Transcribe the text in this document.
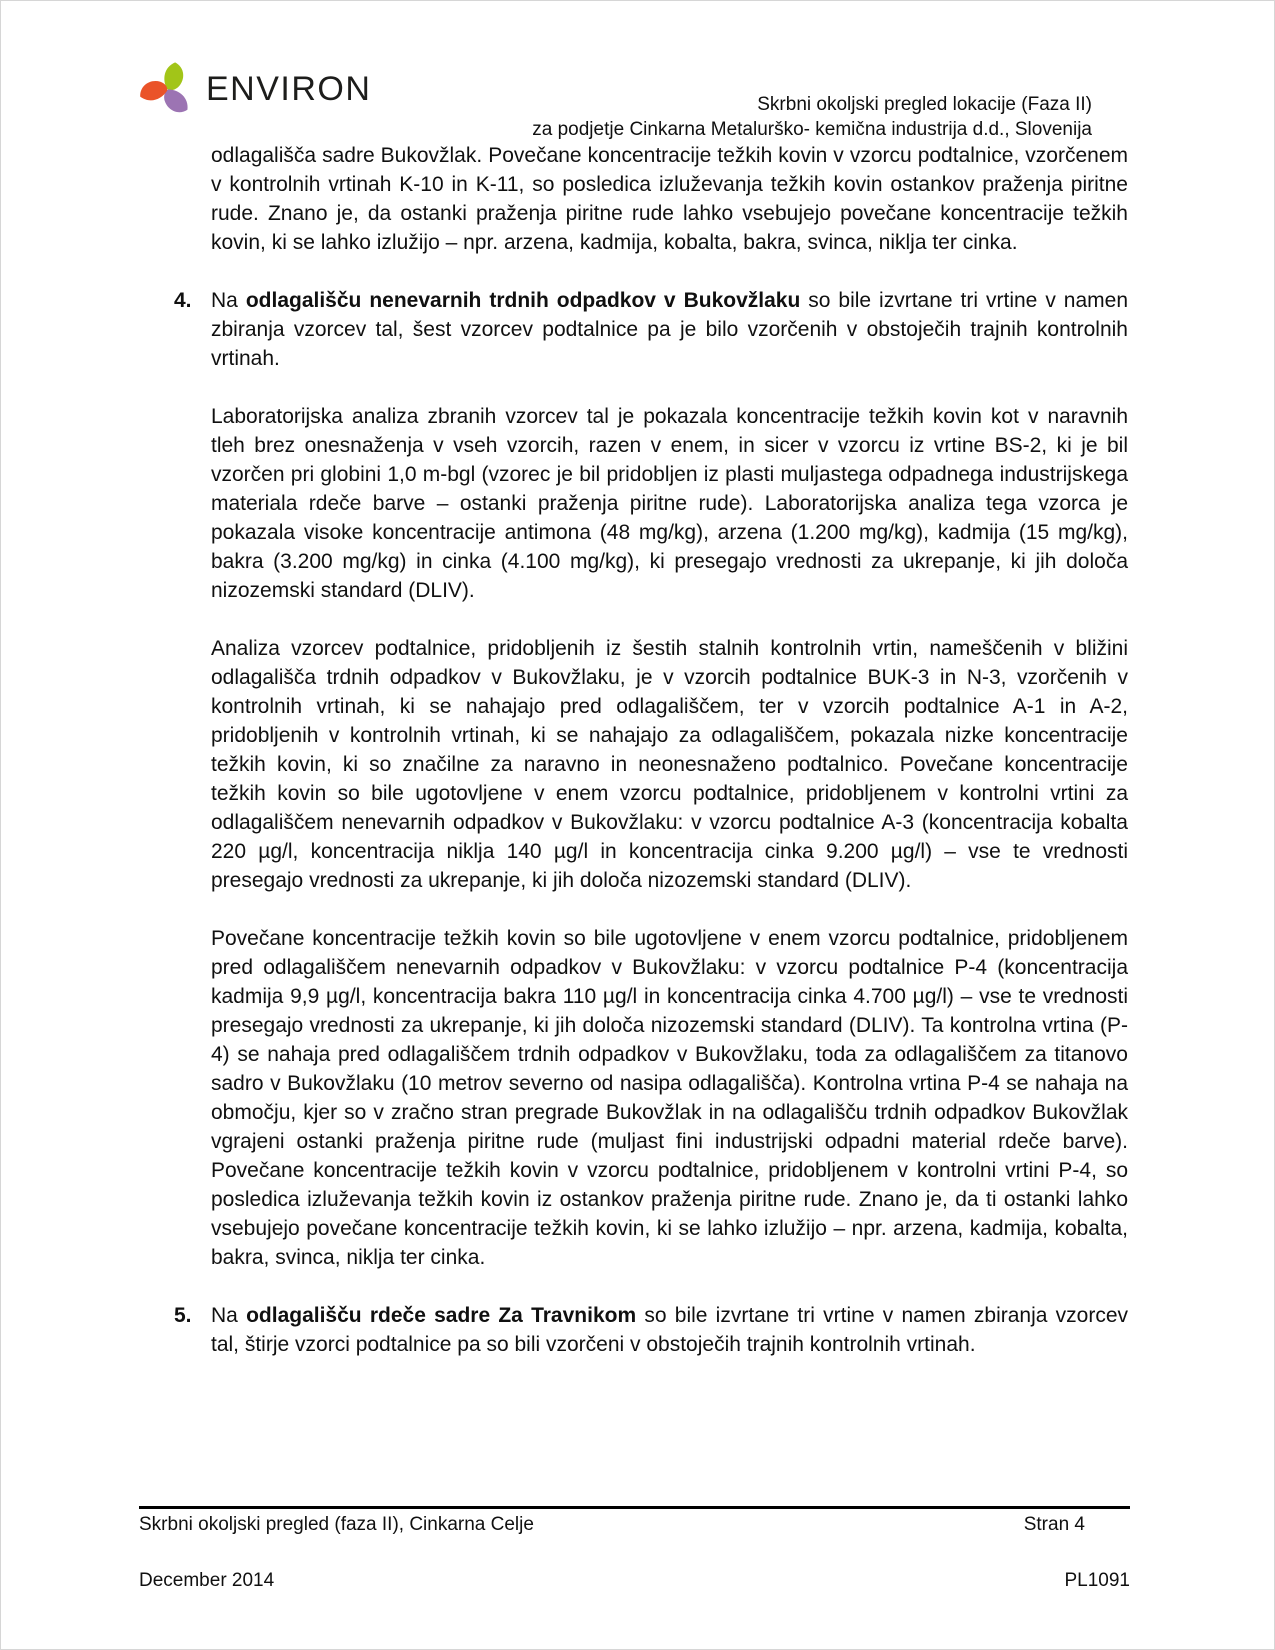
ENVIRON	Skrbni okoljski pregled lokacije (Faza II)
za podjetje Cinkarna Metalurško- kemična industrija d.d., Slovenija

odlagališča sadre Bukovžlak. Povečane koncentracije težkih kovin v vzorcu podtalnice, vzorčenem v kontrolnih vrtinah K-10 in K-11, so posledica izluževanja težkih kovin ostankov praženja piritne rude. Znano je, da ostanki praženja piritne rude lahko vsebujejo povečane koncentracije težkih kovin, ki se lahko izlužijo – npr. arzena, kadmija, kobalta, bakra, svinca, niklja ter cinka.

4. Na odlagališču nenevarnih trdnih odpadkov v Bukovžlaku so bile izvrtane tri vrtine v namen zbiranja vzorcev tal, šest vzorcev podtalnice pa je bilo vzorčenih v obstoječih trajnih kontrolnih vrtinah.

Laboratorijska analiza zbranih vzorcev tal je pokazala koncentracije težkih kovin kot v naravnih tleh brez onesnaženja v vseh vzorcih, razen v enem, in sicer v vzorcu iz vrtine BS-2, ki je bil vzorčen pri globini 1,0 m-bgl (vzorec je bil pridobljen iz plasti muljastega odpadnega industrijskega materiala rdeče barve – ostanki praženja piritne rude). Laboratorijska analiza tega vzorca je pokazala visoke koncentracije antimona (48 mg/kg), arzena (1.200 mg/kg), kadmija (15 mg/kg), bakra (3.200 mg/kg) in cinka (4.100 mg/kg), ki presegajo vrednosti za ukrepanje, ki jih določa nizozemski standard (DLIV).

Analiza vzorcev podtalnice, pridobljenih iz šestih stalnih kontrolnih vrtin, nameščenih v bližini odlagališča trdnih odpadkov v Bukovžlaku, je v vzorcih podtalnice BUK-3 in N-3, vzorčenih v kontrolnih vrtinah, ki se nahajajo pred odlagališčem, ter v vzorcih podtalnice A-1 in A-2, pridobljenih v kontrolnih vrtinah, ki se nahajajo za odlagališčem, pokazala nizke koncentracije težkih kovin, ki so značilne za naravno in neonesnaženo podtalnico. Povečane koncentracije težkih kovin so bile ugotovljene v enem vzorcu podtalnice, pridobljenem v kontrolni vrtini za odlagališčem nenevarnih odpadkov v Bukovžlaku: v vzorcu podtalnice A-3 (koncentracija kobalta 220 µg/l, koncentracija niklja 140 µg/l in koncentracija cinka 9.200 µg/l) – vse te vrednosti presegajo vrednosti za ukrepanje, ki jih določa nizozemski standard (DLIV).

Povečane koncentracije težkih kovin so bile ugotovljene v enem vzorcu podtalnice, pridobljenem pred odlagališčem nenevarnih odpadkov v Bukovžlaku: v vzorcu podtalnice P-4 (koncentracija kadmija 9,9 µg/l, koncentracija bakra 110 µg/l in koncentracija cinka 4.700 µg/l) – vse te vrednosti presegajo vrednosti za ukrepanje, ki jih določa nizozemski standard (DLIV). Ta kontrolna vrtina (P-4) se nahaja pred odlagališčem trdnih odpadkov v Bukovžlaku, toda za odlagališčem za titanovo sadro v Bukovžlaku (10 metrov severno od nasipa odlagališča). Kontrolna vrtina P-4 se nahaja na območju, kjer so v zračno stran pregrade Bukovžlak in na odlagališču trdnih odpadkov Bukovžlak vgrajeni ostanki praženja piritne rude (muljast fini industrijski odpadni material rdeče barve). Povečane koncentracije težkih kovin v vzorcu podtalnice, pridobljenem v kontrolni vrtini P-4, so posledica izluževanja težkih kovin iz ostankov praženja piritne rude. Znano je, da ti ostanki lahko vsebujejo povečane koncentracije težkih kovin, ki se lahko izlužijo – npr. arzena, kadmija, kobalta, bakra, svinca, niklja ter cinka.

5. Na odlagališču rdeče sadre Za Travnikom so bile izvrtane tri vrtine v namen zbiranja vzorcev tal, štirje vzorci podtalnice pa so bili vzorčeni v obstoječih trajnih kontrolnih vrtinah.

Skrbni okoljski pregled (faza II), Cinkarna Celje	Stran 4
December 2014	PL1091
